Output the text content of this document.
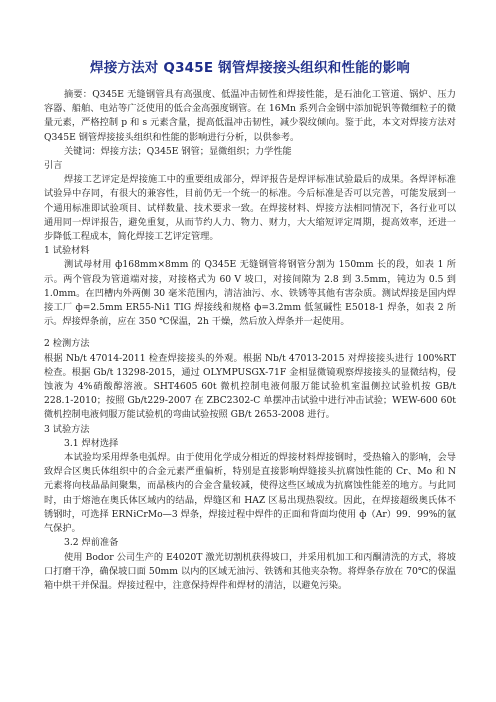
焊接方法对 Q345E 钢管焊接接头组织和性能的影响

摘要：Q345E 无缝钢管具有高强度、低温冲击韧性和焊接性能，是石油化工管道、锅炉、压力容器、船舶、电站等广泛使用的低合金高强度钢管。在 16Mn 系列合金钢中添加铌钒等微细粒子的微量元素，严格控制 p 和 s 元素含量，提高低温冲击韧性，减少裂纹倾向。鉴于此，本文对焊接方法对 Q345E 钢管焊接接头组织和性能的影响进行分析，以供参考。

关键词：焊接方法；Q345E 钢管；显微组织；力学性能

引言

焊接工艺评定是焊接施工中的重要组成部分，焊评报告是焊评标准试验最后的成果。各焊评标准试验异中存同，有很大的兼容性，目前仍无一个统一的标准。今后标准是否可以完善，可能发展到一个通用标准即试验项目、试样数量、技术要求一致。在焊接材料、焊接方法相同情况下，各行业可以通用同一焊评报告，避免重复，从而节约人力、物力、财力，大大缩短评定周期，提高效率，还进一步降低工程成本，简化焊接工艺评定管理。

1 试验材料

测试母材用 ф168mm×8mm 的 Q345E 无缝钢管将钢管分割为 150mm 长的段，如表 1 所示。两个管段为管道端对接，对接格式为 60 V 坡口，对接间隙为 2.8 到 3.5mm，钝边为 0.5 到 1.0mm。在凹槽内外两侧 30 毫米范围内，清洁油污、水、铁锈等其他有害杂质。测试焊接是国内焊接工厂 ф=2.5mm ER55-Ni1 TIG 焊接线和规格 ф=3.2mm 低氢碱性 E5018-1 焊条，如表 2 所示。焊接焊条前，应在 350 ℃保温，2h 干燥，然后放入焊条并一起使用。

2 检测方法

根据 Nb/t 47014-2011 检查焊接接头的外观。根据 Nb/t 47013-2015 对焊接接头进行 100%RT 检查。根据 Gb/t 13298-2015，通过 OLYMPUSGX-71F 金相显微镜观察焊接接头的显微结构，侵蚀液为 4%硝酸醇溶液。SHT4605 60t 微机控制电液伺服万能试验机室温侧拉试验机按 GB/t 228.1-2010；按照 Gb/t229-2007 在 ZBC2302-C 单摆冲击试验中进行冲击试验；WEW-600 60t 微机控制电液伺服万能试验机的弯曲试验按照 GB/t 2653-2008 进行。

3 试验方法

3.1 焊材选择

本试验均采用焊条电弧焊。由于使用化学成分相近的焊接材料焊接钢时，受热输入的影响，会导致焊合区奥氏体组织中的合金元素严重偏析，特别是直接影响焊缝接头抗腐蚀性能的 Cr、Mo 和 N 元素将向枝晶晶间聚集，而晶核内的合金含量较减，使得这些区域成为抗腐蚀性能差的地方。与此同时，由于熔池在奥氏体区域内的结晶，焊缝区和 HAZ 区易出现热裂纹。因此，在焊接超级奥氏体不锈钢时，可选择 ERNiCrMo—3 焊条，焊接过程中焊件的正面和背面均使用 ф（Ar）99．99%的氩气保护。

3.2 焊前准备

使用 Bodor 公司生产的 E4020T 激光切割机获得坡口，并采用机加工和丙酮清洗的方式，将坡口打磨干净，确保坡口面 50mm 以内的区域无油污、铁锈和其他夹杂物。将焊条存放在 70℃的保温箱中烘干并保温。焊接过程中，注意保持焊件和焊材的清洁，以避免污染。
